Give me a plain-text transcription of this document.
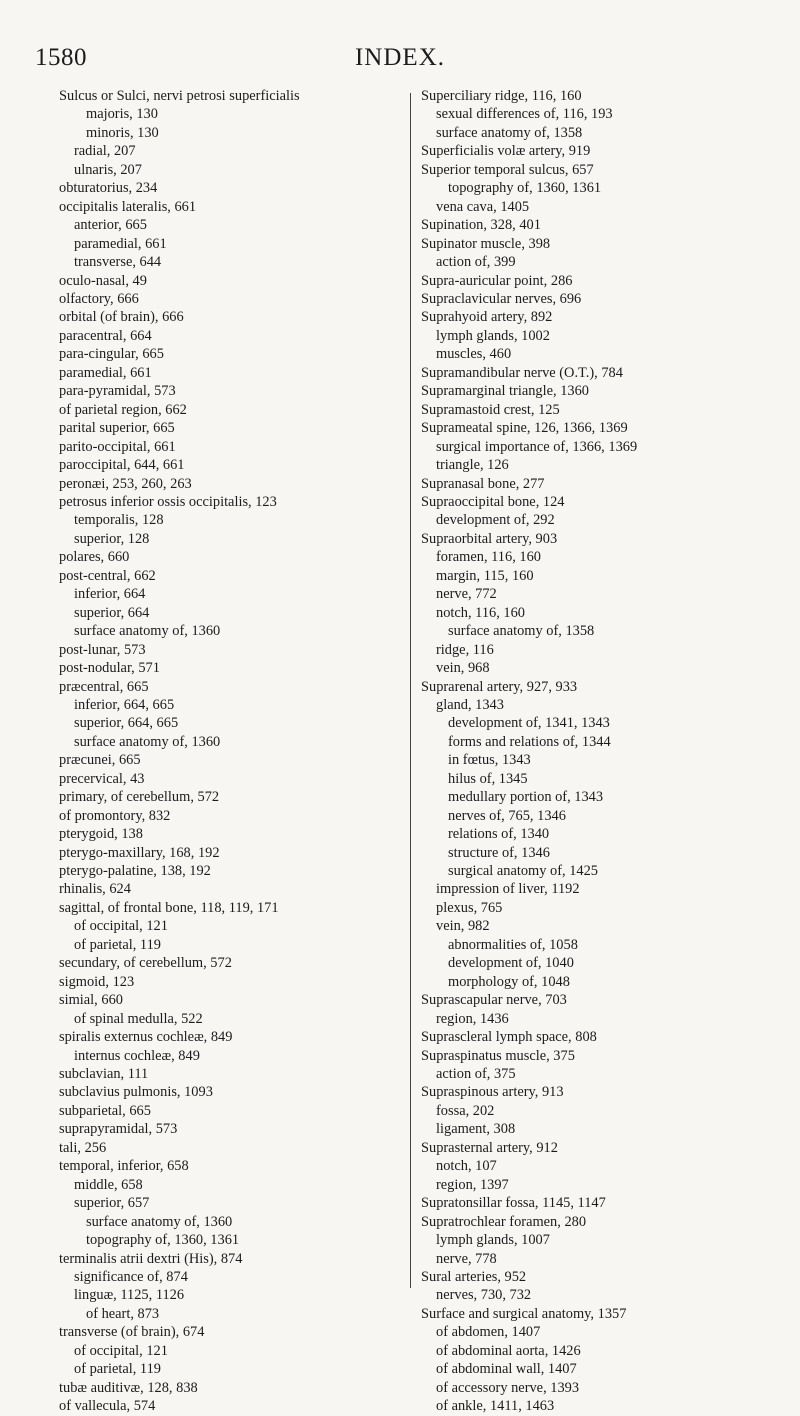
1580	INDEX.
Sulcus or Sulci, nervi petrosi superficialis
majoris, 130
minoris, 130
radial, 207
ulnaris, 207
obturatorius, 234
occipitalis lateralis, 661
anterior, 665
paramedial, 661
transverse, 644
oculo-nasal, 49
olfactory, 666
orbital (of brain), 666
paracentral, 664
para-cingular, 665
paramedial, 661
para-pyramidal, 573
of parietal region, 662
parital superior, 665
parito-occipital, 661
paroccipital, 644, 661
peronæi, 253, 260, 263
petrosus inferior ossis occipitalis, 123
temporalis, 128
superior, 128
polares, 660
post-central, 662
inferior, 664
superior, 664
surface anatomy of, 1360
post-lunar, 573
post-nodular, 571
præcentral, 665
inferior, 664, 665
superior, 664, 665
surface anatomy of, 1360
præcunei, 665
precervical, 43
primary, of cerebellum, 572
of promontory, 832
pterygoid, 138
pterygo-maxillary, 168, 192
pterygo-palatine, 138, 192
rhinalis, 624
sagittal, of frontal bone, 118, 119, 171
of occipital, 121
of parietal, 119
secundary, of cerebellum, 572
sigmoid, 123
simial, 660
of spinal medulla, 522
spiralis externus cochleæ, 849
internus cochleæ, 849
subclavian, 111
subclavius pulmonis, 1093
subparietal, 665
suprapyramidal, 573
tali, 256
temporal, inferior, 658
middle, 658
superior, 657
surface anatomy of, 1360
topography of, 1360, 1361
terminalis atrii dextri (His), 874
significance of, 874
linguæ, 1125, 1126
of heart, 873
transverse (of brain), 674
of occipital, 121
of parietal, 119
tubæ auditivæ, 128, 838
of vallecula, 574
Superciliary ridge, 116, 160
sexual differences of, 116, 193
surface anatomy of, 1358
Superficialis volæ artery, 919
Superior temporal sulcus, 657
topography of, 1360, 1361
vena cava, 1405
Supination, 328, 401
Supinator muscle, 398
action of, 399
Supra-auricular point, 286
Supraclavicular nerves, 696
Suprahyoid artery, 892
lymph glands, 1002
muscles, 460
Supramandibular nerve (O.T.), 784
Supramarginal triangle, 1360
Supramastoid crest, 125
Suprameatal spine, 126, 1366, 1369
surgical importance of, 1366, 1369
triangle, 126
Supranasal bone, 277
Supraoccipital bone, 124
development of, 292
Supraorbital artery, 903
foramen, 116, 160
margin, 115, 160
nerve, 772
notch, 116, 160
surface anatomy of, 1358
ridge, 116
vein, 968
Suprarenal artery, 927, 933
gland, 1343
development of, 1341, 1343
forms and relations of, 1344
in fœtus, 1343
hilus of, 1345
medullary portion of, 1343
nerves of, 765, 1346
relations of, 1340
structure of, 1346
surgical anatomy of, 1425
impression of liver, 1192
plexus, 765
vein, 982
abnormalities of, 1058
development of, 1040
morphology of, 1048
Suprascapular nerve, 703
region, 1436
Suprascleral lymph space, 808
Supraspinatus muscle, 375
action of, 375
Supraspinous artery, 913
fossa, 202
ligament, 308
Suprasternal artery, 912
notch, 107
region, 1397
Supratonsillar fossa, 1145, 1147
Supratrochlear foramen, 280
lymph glands, 1007
nerve, 778
Sural arteries, 952
nerves, 730, 732
Surface and surgical anatomy, 1357
of abdomen, 1407
of abdominal aorta, 1426
of abdominal wall, 1407
of accessory nerve, 1393
of ankle, 1411, 1463
